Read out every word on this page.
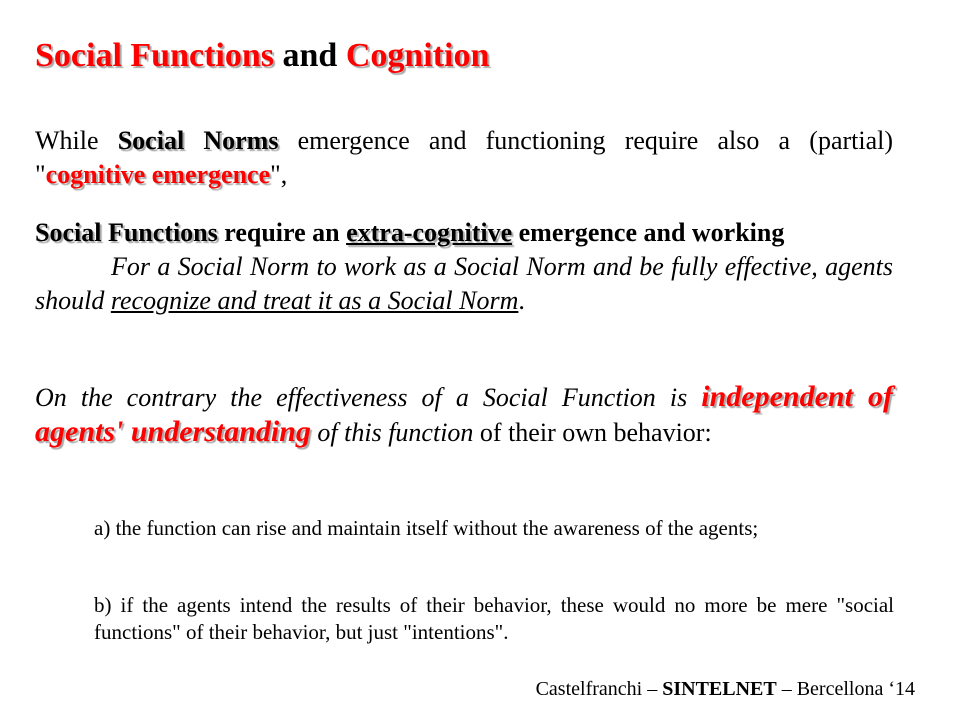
Social Functions and Cognition

While Social Norms emergence and functioning require also a (partial) "cognitive emergence",

Social Functions require an extra-cognitive emergence and working
For a Social Norm to work as a Social Norm and be fully effective, agents should recognize and treat it as a Social Norm.

On the contrary the effectiveness of a Social Function is independent of agents' understanding of this function of their own behavior:

a) the function can rise and maintain itself without the awareness of the agents;

b) if the agents intend the results of their behavior, these would no more be mere "social functions" of their behavior, but just "intentions".

Castelfranchi – SINTELNET – Bercellona ‘14
